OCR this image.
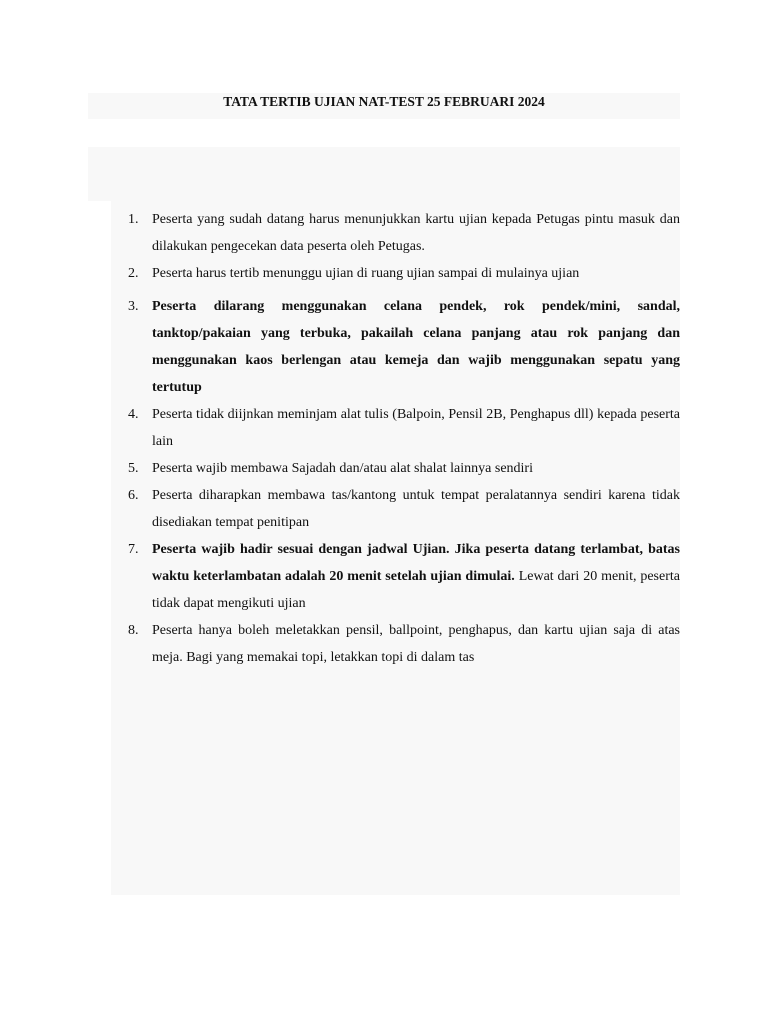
TATA TERTIB UJIAN NAT-TEST 25 FEBRUARI 2024
1. Peserta yang sudah datang harus menunjukkan kartu ujian kepada Petugas pintu masuk dan dilakukan pengecekan data peserta oleh Petugas.
2. Peserta harus tertib menunggu ujian di ruang ujian sampai di mulainya ujian
3. Peserta dilarang menggunakan celana pendek, rok pendek/mini, sandal, tanktop/pakaian yang terbuka, pakailah celana panjang atau rok panjang dan menggunakan kaos berlengan atau kemeja dan wajib menggunakan sepatu yang tertutup
4. Peserta tidak diijnkan meminjam alat tulis (Balpoin, Pensil 2B, Penghapus dll) kepada peserta lain
5. Peserta wajib membawa Sajadah dan/atau alat shalat lainnya sendiri
6. Peserta diharapkan membawa tas/kantong untuk tempat peralatannya sendiri karena tidak disediakan tempat penitipan
7. Peserta wajib hadir sesuai dengan jadwal Ujian. Jika peserta datang terlambat, batas waktu keterlambatan adalah 20 menit setelah ujian dimulai. Lewat dari 20 menit, peserta tidak dapat mengikuti ujian
8. Peserta hanya boleh meletakkan pensil, ballpoint, penghapus, dan kartu ujian saja di atas meja. Bagi yang memakai topi, letakkan topi di dalam tas
